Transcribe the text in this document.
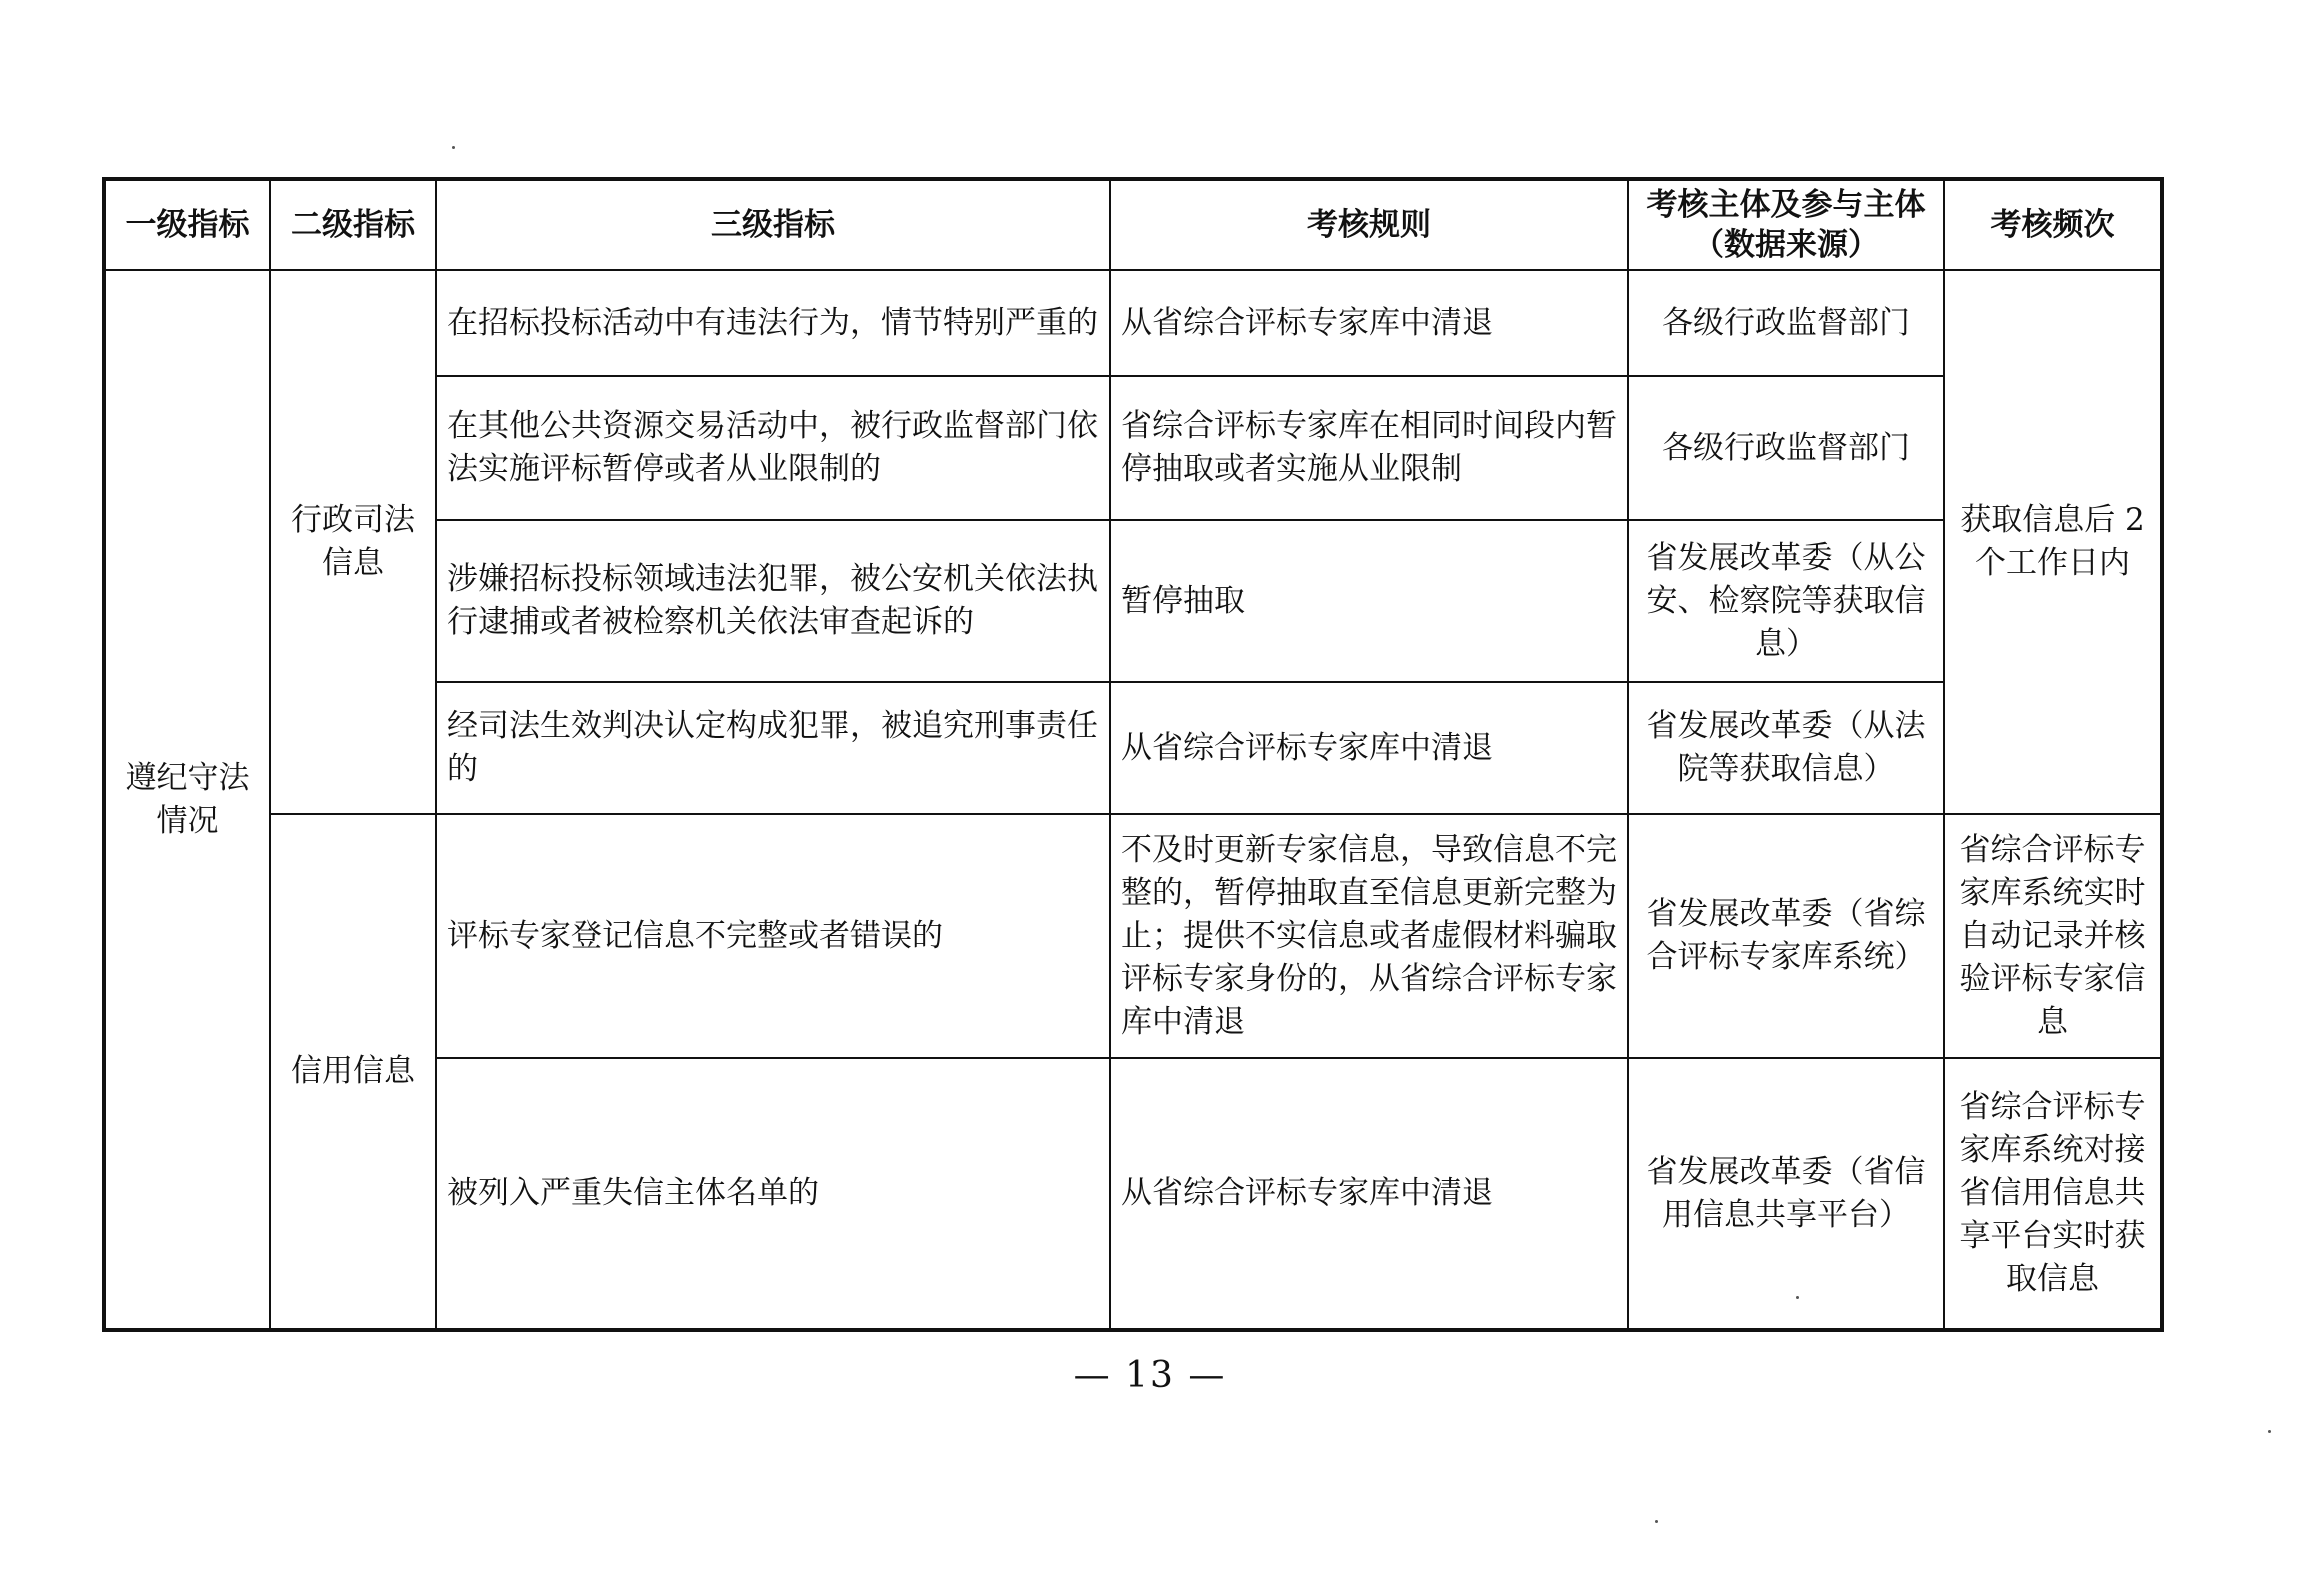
一级指标	二级指标	三级指标	考核规则	考核主体及参与主体（数据来源）	考核频次
遵纪守法情况	行政司法信息	在招标投标活动中有违法行为，情节特别严重的	从省综合评标专家库中清退	各级行政监督部门	获取信息后 2 个工作日内
		在其他公共资源交易活动中，被行政监督部门依法实施评标暂停或者从业限制的	省综合评标专家库在相同时间段内暂停抽取或者实施从业限制	各级行政监督部门	
		涉嫌招标投标领域违法犯罪，被公安机关依法执行逮捕或者被检察机关依法审查起诉的	暂停抽取	省发展改革委（从公安、检察院等获取信息）	
		经司法生效判决认定构成犯罪，被追究刑事责任的	从省综合评标专家库中清退	省发展改革委（从法院等获取信息）	
	信用信息	评标专家登记信息不完整或者错误的	不及时更新专家信息，导致信息不完整的，暂停抽取直至信息更新完整为止；提供不实信息或者虚假材料骗取评标专家身份的，从省综合评标专家库中清退	省发展改革委（省综合评标专家库系统）	省综合评标专家库系统实时自动记录并核验评标专家信息
		被列入严重失信主体名单的	从省综合评标专家库中清退	省发展改革委（省信用信息共享平台）	省综合评标专家库系统对接省信用信息共享平台实时获取信息
— 13 —
